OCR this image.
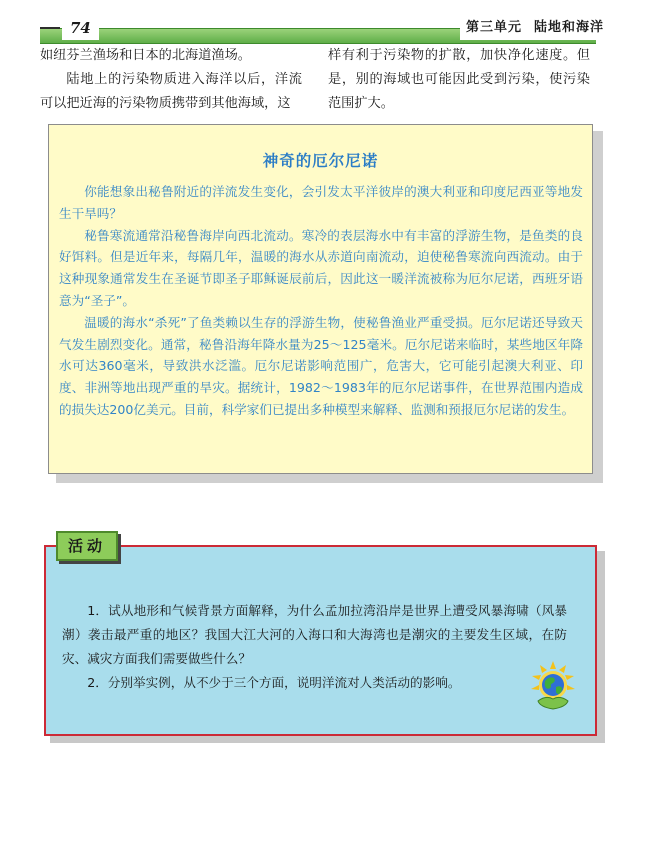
74	第三单元 陆地和海洋

如纽芬兰渔场和日本的北海道渔场。

陆地上的污染物质进入海洋以后，洋流可以把近海的污染物质携带到其他海域，这

样有利于污染物的扩散，加快净化速度。但是，别的海域也可能因此受到污染，使污染范围扩大。

神奇的厄尔尼诺

你能想象出秘鲁附近的洋流发生变化，会引发太平洋彼岸的澳大利亚和印度尼西亚等地发生干旱吗？

秘鲁寒流通常沿秘鲁海岸向西北流动。寒冷的表层海水中有丰富的浮游生物，是鱼类的良好饵料。但是近年来，每隔几年，温暖的海水从赤道向南流动，迫使秘鲁寒流向西流动。由于这种现象通常发生在圣诞节即圣子耶稣诞辰前后，因此这一暖洋流被称为厄尔尼诺，西班牙语意为“圣子”。

温暖的海水“杀死”了鱼类赖以生存的浮游生物，使秘鲁渔业严重受损。厄尔尼诺还导致天气发生剧烈变化。通常，秘鲁沿海年降水量为25～125毫米。厄尔尼诺来临时，某些地区年降水可达360毫米，导致洪水泛滥。厄尔尼诺影响范围广，危害大，它可能引起澳大利亚、印度、非洲等地出现严重的旱灾。据统计，1982～1983年的厄尔尼诺事件，在世界范围内造成的损失达200亿美元。目前，科学家们已提出多种模型来解释、监测和预报厄尔尼诺的发生。

1．试从地形和气候背景方面解释，为什么孟加拉湾沿岸是世界上遭受风暴海啸（风暴潮）袭击最严重的地区？我国大江大河的入海口和大海湾也是潮灾的主要发生区域，在防灾、减灾方面我们需要做些什么？

2．分别举实例，从不少于三个方面，说明洋流对人类活动的影响。

活动
